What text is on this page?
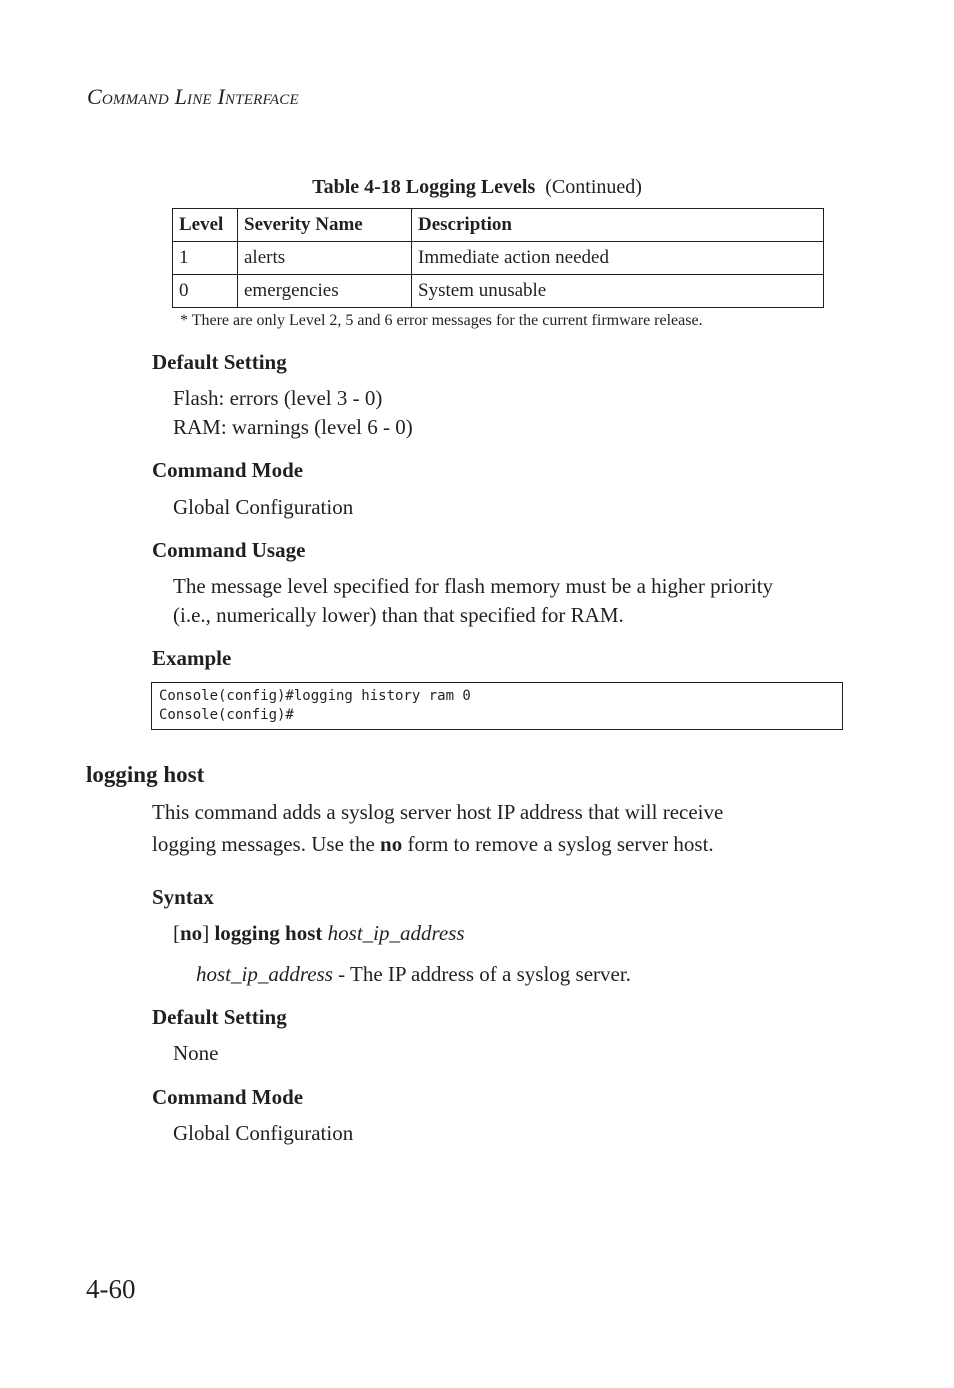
Command Line Interface
Table 4-18 Logging Levels (Continued)
Level	Severity Name	Description
1	alerts	Immediate action needed
0	emergencies	System unusable
* There are only Level 2, 5 and 6 error messages for the current firmware release.
Default Setting
Flash: errors (level 3 - 0)
RAM: warnings (level 6 - 0)
Command Mode
Global Configuration
Command Usage
The message level specified for flash memory must be a higher priority
(i.e., numerically lower) than that specified for RAM.
Example
Console(config)#logging history ram 0
Console(config)#
logging host
This command adds a syslog server host IP address that will receive
logging messages. Use the no form to remove a syslog server host.
Syntax
[no] logging host host_ip_address
host_ip_address - The IP address of a syslog server.
Default Setting
None
Command Mode
Global Configuration
4-60
